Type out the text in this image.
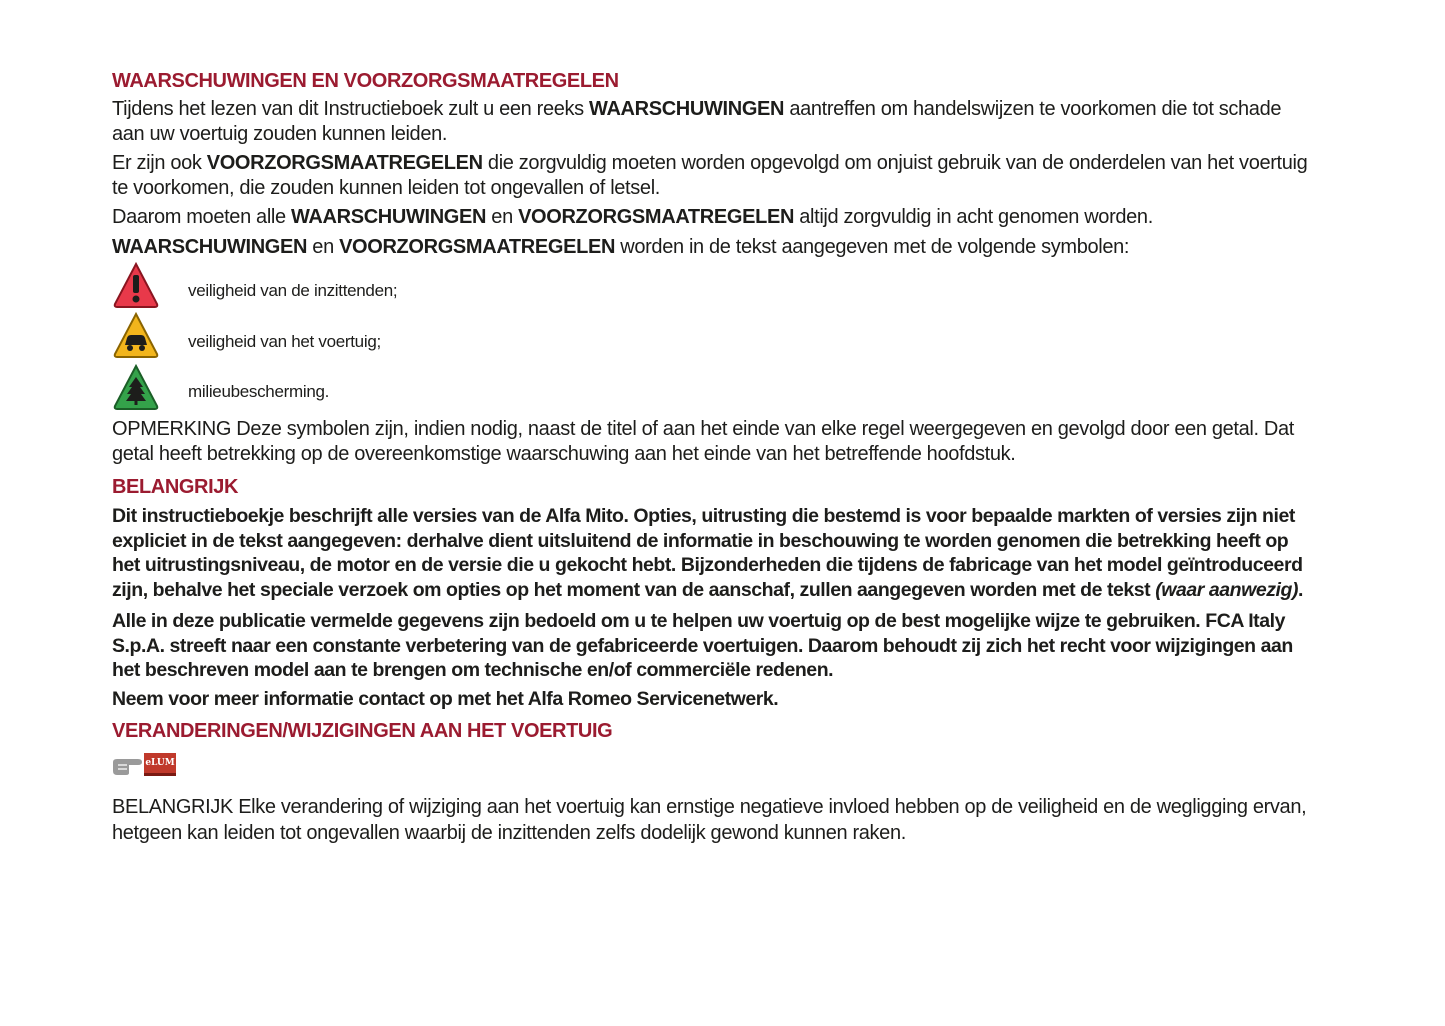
WAARSCHUWINGEN EN VOORZORGSMAATREGELEN

Tijdens het lezen van dit Instructieboek zult u een reeks WAARSCHUWINGEN aantreffen om handelswijzen te voorkomen die tot schade aan uw voertuig zouden kunnen leiden.

Er zijn ook VOORZORGSMAATREGELEN die zorgvuldig moeten worden opgevolgd om onjuist gebruik van de onderdelen van het voertuig te voorkomen, die zouden kunnen leiden tot ongevallen of letsel.

Daarom moeten alle WAARSCHUWINGEN en VOORZORGSMAATREGELEN altijd zorgvuldig in acht genomen worden.

WAARSCHUWINGEN en VOORZORGSMAATREGELEN worden in de tekst aangegeven met de volgende symbolen:

veiligheid van de inzittenden;
veiligheid van het voertuig;
milieubescherming.

OPMERKING Deze symbolen zijn, indien nodig, naast de titel of aan het einde van elke regel weergegeven en gevolgd door een getal. Dat getal heeft betrekking op de overeenkomstige waarschuwing aan het einde van het betreffende hoofdstuk.

BELANGRIJK

Dit instructieboekje beschrijft alle versies van de Alfa Mito. Opties, uitrusting die bestemd is voor bepaalde markten of versies zijn niet expliciet in de tekst aangegeven: derhalve dient uitsluitend de informatie in beschouwing te worden genomen die betrekking heeft op het uitrustingsniveau, de motor en de versie die u gekocht hebt. Bijzonderheden die tijdens de fabricage van het model geïntroduceerd zijn, behalve het speciale verzoek om opties op het moment van de aanschaf, zullen aangegeven worden met de tekst (waar aanwezig).

Alle in deze publicatie vermelde gegevens zijn bedoeld om u te helpen uw voertuig op de best mogelijke wijze te gebruiken. FCA Italy S.p.A. streeft naar een constante verbetering van de gefabriceerde voertuigen. Daarom behoudt zij zich het recht voor wijzigingen aan het beschreven model aan te brengen om technische en/of commerciële redenen.

Neem voor meer informatie contact op met het Alfa Romeo Servicenetwerk.

VERANDERINGEN/WIJZIGINGEN AAN HET VOERTUIG
eLUM

BELANGRIJK Elke verandering of wijziging aan het voertuig kan ernstige negatieve invloed hebben op de veiligheid en de wegligging ervan, hetgeen kan leiden tot ongevallen waarbij de inzittenden zelfs dodelijk gewond kunnen raken.
